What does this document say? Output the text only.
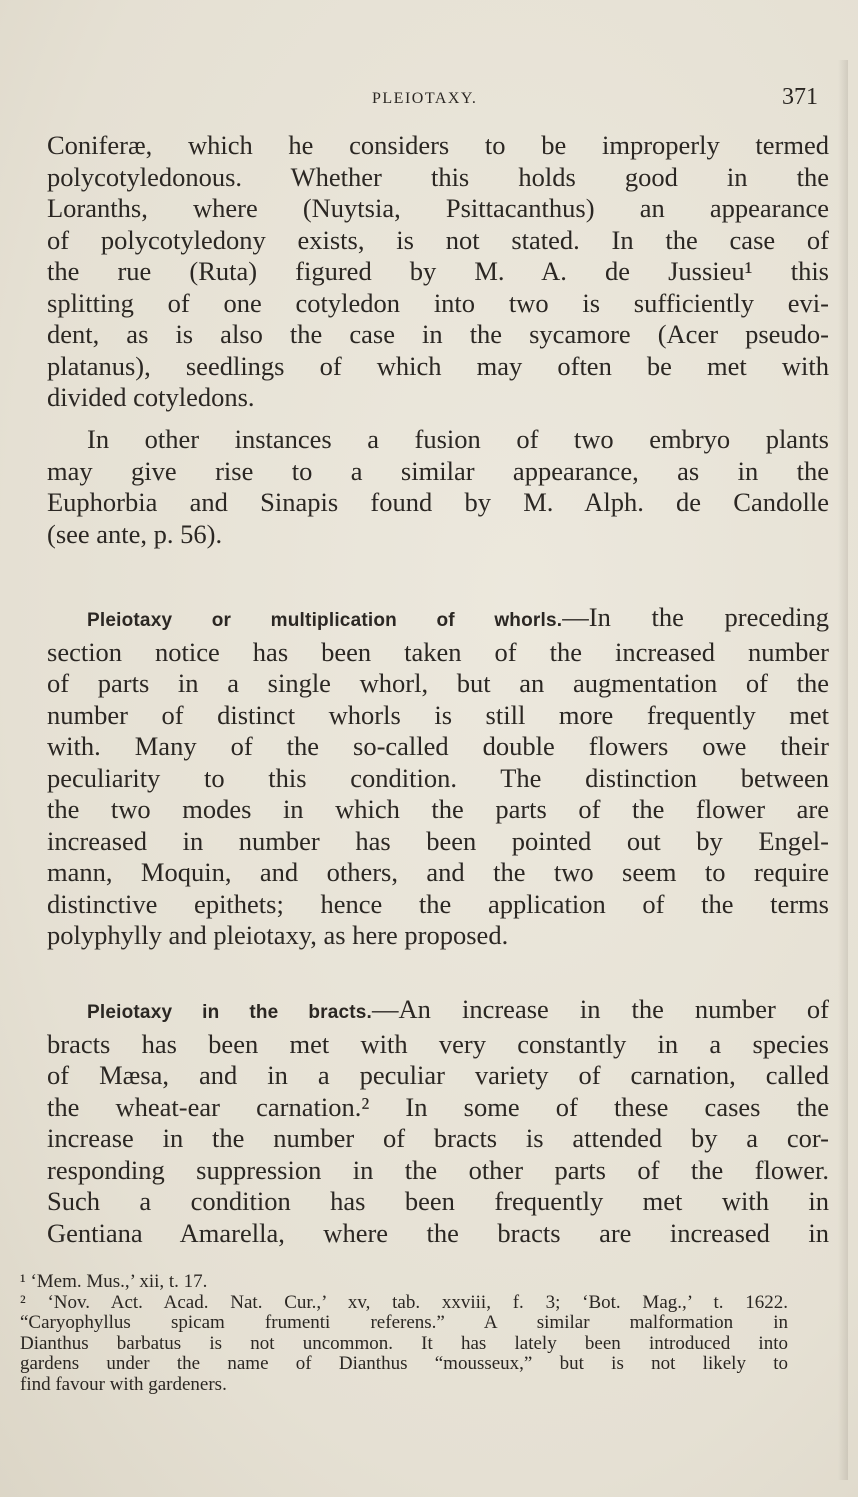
PLEIOTAXY.	371

Coniferæ, which he considers to be improperly termed
polycotyledonous. Whether this holds good in the
Loranths, where (Nuytsia, Psittacanthus) an appearance
of polycotyledony exists, is not stated. In the case of
the rue (Ruta) figured by M. A. de Jussieu¹ this
splitting of one cotyledon into two is sufficiently evi-
dent, as is also the case in the sycamore (Acer pseudo-
platanus), seedlings of which may often be met with
divided cotyledons.

In other instances a fusion of two embryo plants
may give rise to a similar appearance, as in the
Euphorbia and Sinapis found by M. Alph. de Candolle
(see ante, p. 56).

Pleiotaxy or multiplication of whorls.—In the preceding
section notice has been taken of the increased number
of parts in a single whorl, but an augmentation of the
number of distinct whorls is still more frequently met
with. Many of the so-called double flowers owe their
peculiarity to this condition. The distinction between
the two modes in which the parts of the flower are
increased in number has been pointed out by Engel-
mann, Moquin, and others, and the two seem to require
distinctive epithets; hence the application of the terms
polyphylly and pleiotaxy, as here proposed.

Pleiotaxy in the bracts.—An increase in the number of
bracts has been met with very constantly in a species
of Mæsa, and in a peculiar variety of carnation, called
the wheat-ear carnation.² In some of these cases the
increase in the number of bracts is attended by a cor-
responding suppression in the other parts of the flower.
Such a condition has been frequently met with in
Gentiana Amarella, where the bracts are increased in

¹ ‘Mem. Mus.,’ xii, t. 17.

² ‘Nov. Act. Acad. Nat. Cur.,’ xv, tab. xxviii, f. 3; ‘Bot. Mag.,’ t. 1622.
“Caryophyllus spicam frumenti referens.” A similar malformation in
Dianthus barbatus is not uncommon. It has lately been introduced into
gardens under the name of Dianthus “mousseux,” but is not likely to
find favour with gardeners.
